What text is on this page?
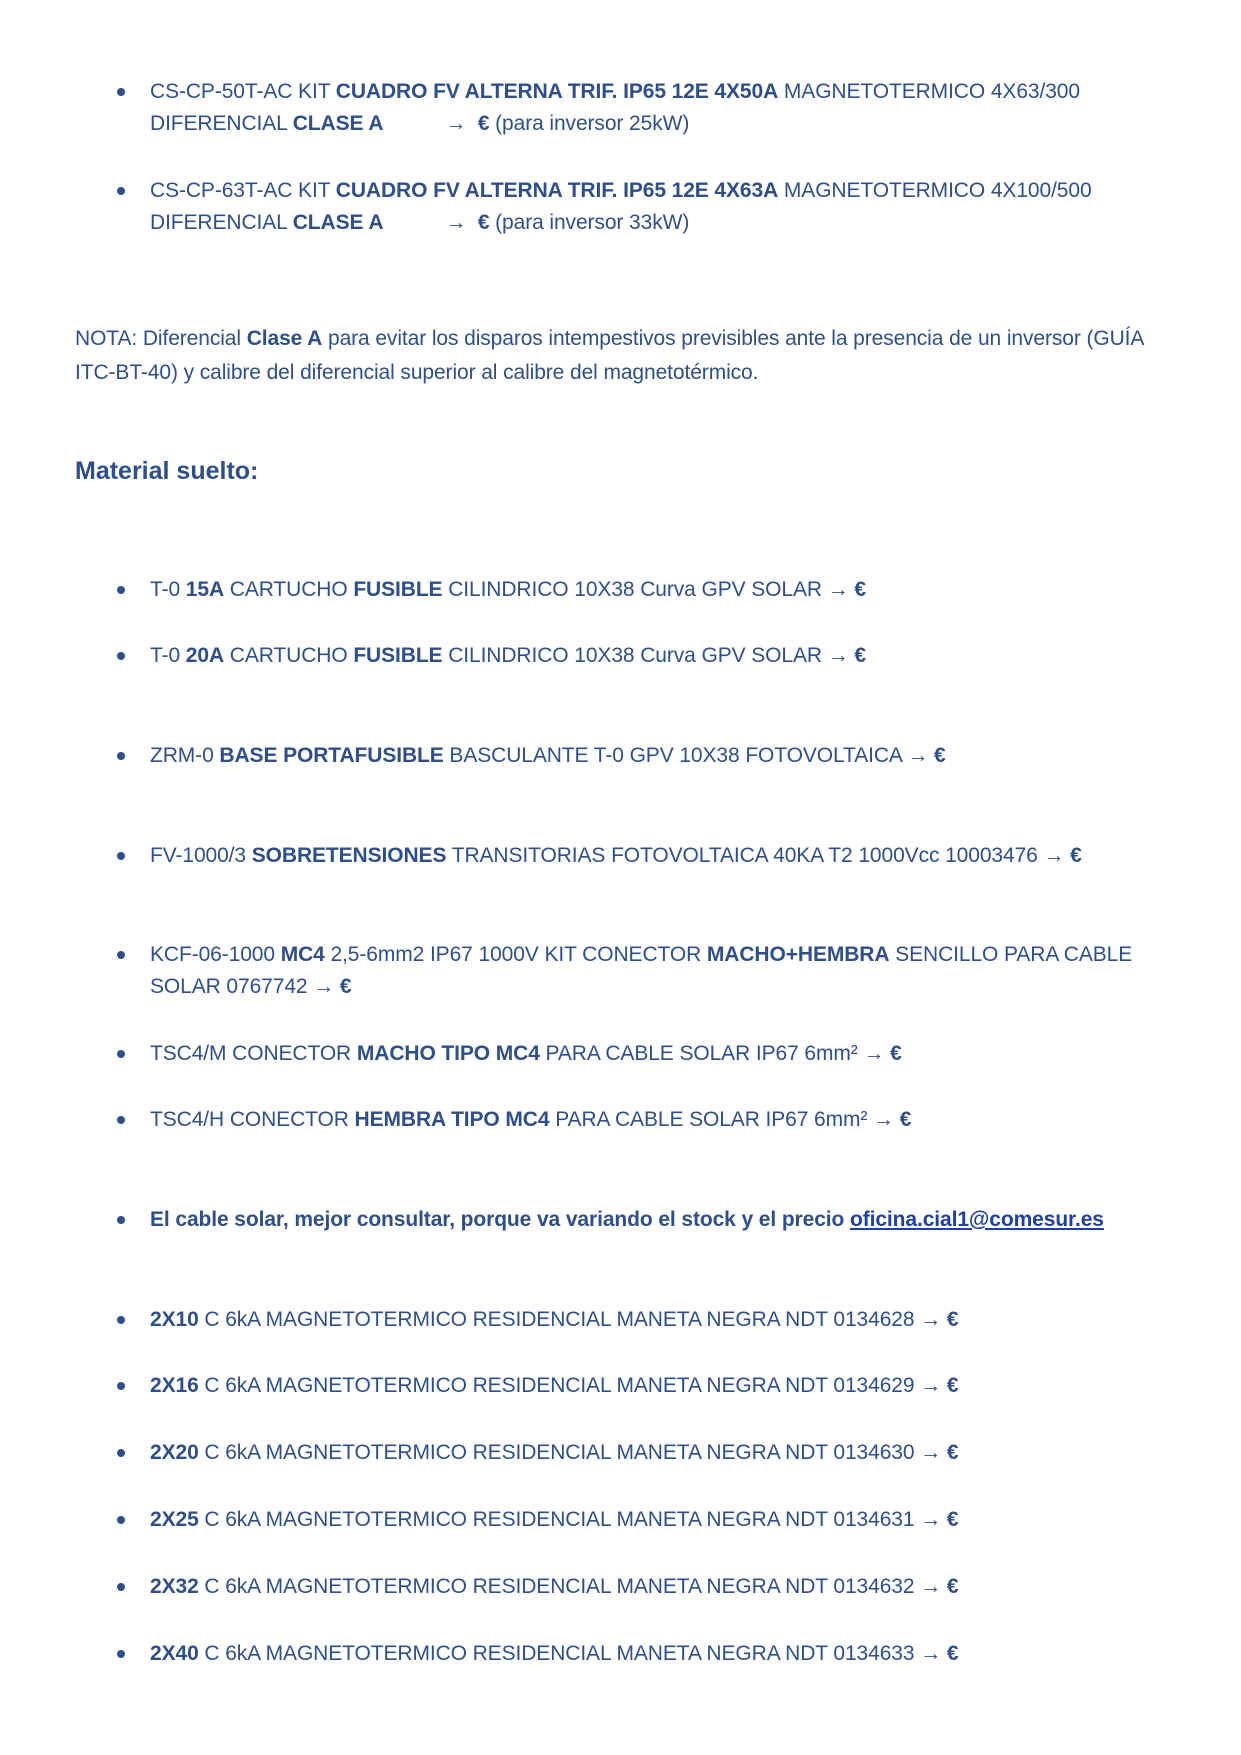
CS-CP-50T-AC KIT CUADRO FV ALTERNA TRIF. IP65 12E 4X50A MAGNETOTERMICO 4X63/300 DIFERENCIAL CLASE A	→ € (para inversor 25kW)
CS-CP-63T-AC KIT CUADRO FV ALTERNA TRIF. IP65 12E 4X63A MAGNETOTERMICO 4X100/500 DIFERENCIAL CLASE A	→ € (para inversor 33kW)
NOTA: Diferencial Clase A para evitar los disparos intempestivos previsibles ante la presencia de un inversor (GUÍA ITC-BT-40) y calibre del diferencial superior al calibre del magnetotérmico.
Material suelto:
T-0 15A CARTUCHO FUSIBLE CILINDRICO 10X38 Curva GPV SOLAR → €
T-0 20A CARTUCHO FUSIBLE CILINDRICO 10X38 Curva GPV SOLAR → €
ZRM-0 BASE PORTAFUSIBLE BASCULANTE T-0 GPV 10X38 FOTOVOLTAICA → €
FV-1000/3 SOBRETENSIONES TRANSITORIAS FOTOVOLTAICA 40KA T2 1000Vcc 10003476 → €
KCF-06-1000 MC4 2,5-6mm2 IP67 1000V KIT CONECTOR MACHO+HEMBRA SENCILLO PARA CABLE SOLAR 0767742 → €
TSC4/M CONECTOR MACHO TIPO MC4 PARA CABLE SOLAR IP67 6mm² → €
TSC4/H CONECTOR HEMBRA TIPO MC4 PARA CABLE SOLAR IP67 6mm² → €
El cable solar, mejor consultar, porque va variando el stock y el precio oficina.cial1@comesur.es
2X10 C 6kA MAGNETOTERMICO RESIDENCIAL MANETA NEGRA NDT 0134628 → €
2X16 C 6kA MAGNETOTERMICO RESIDENCIAL MANETA NEGRA NDT 0134629 → €
2X20 C 6kA MAGNETOTERMICO RESIDENCIAL MANETA NEGRA NDT 0134630 → €
2X25 C 6kA MAGNETOTERMICO RESIDENCIAL MANETA NEGRA NDT 0134631 → €
2X32 C 6kA MAGNETOTERMICO RESIDENCIAL MANETA NEGRA NDT 0134632 → €
2X40 C 6kA MAGNETOTERMICO RESIDENCIAL MANETA NEGRA NDT 0134633 → €
